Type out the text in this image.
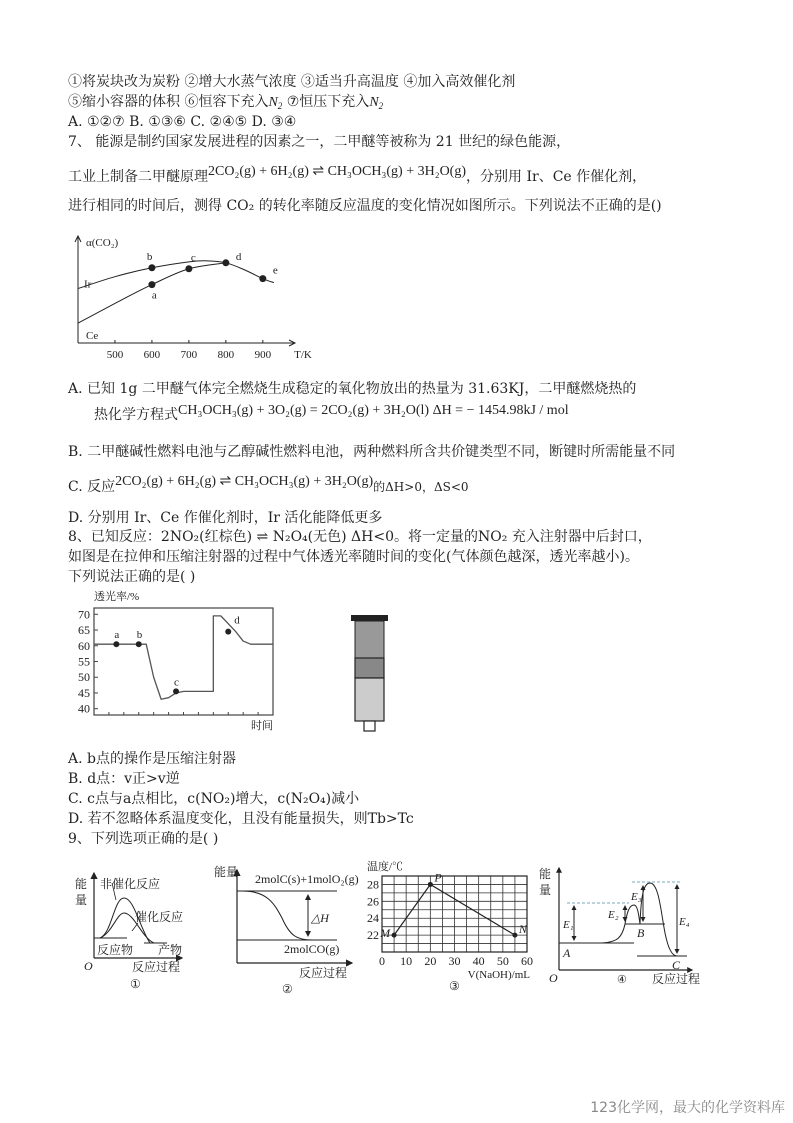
①将炭块改为炭粉 ②增大水蒸气浓度 ③适当升高温度 ④加入高效催化剂
⑤缩小容器的体积 ⑥恒容下充入$N_2$ ⑦恒压下充入$N_2$
A. ①②⑦ B. ①③⑥ C. ②④⑤ D. ③④
7、 能源是制约国家发展进程的因素之一，二甲醚等被称为 21 世纪的绿色能源，
工业上制备二甲醚原理2CO₂(g) + 6H₂(g) ⇌ CH₃OCH₃(g) + 3H₂O(g)，分别用 Ir、Ce 作催化剂，
进行相同的时间后，测得 CO₂ 的转化率随反应温度的变化情况如图所示。下列说法不正确的是()
500 600 700 800 900 T/K
α(CO₂)
Ir
Ce
a
b	c	d
e
A. 已知 1g 二甲醚气体完全燃烧生成稳定的氧化物放出的热量为 31.63KJ，二甲醚燃烧热的
热化学方程式CH₃OCH₃(g) + 3O₂(g) = 2CO₂(g) + 3H₂O(l) ΔH = − 1454.98kJ / mol
B. 二甲醚碱性燃料电池与乙醇碱性燃料电池，两种燃料所含共价键类型不同，断键时所需能量不同
C. 反应2CO₂(g) + 6H₂(g) ⇌ CH₃OCH₃(g) + 3H₂O(g)的ΔH>0，ΔS<0
D. 分别用 Ir、Ce 作催化剂时，Ir 活化能降低更多
8、已知反应：2NO₂(红棕色) ⇌ N₂O₄(无色) ΔH<0。将一定量的NO₂ 充入注射器中后封口，
如图是在拉伸和压缩注射器的过程中气体透光率随时间的变化(气体颜色越深，透光率越小)。
下列说法正确的是( )
透光率/%
40
45
50
55
60
65
70
时间
a b
c
d
A. b点的操作是压缩注射器
B. d点：v正>v逆
C. c点与a点相比，c(NO₂)增大，c(N₂O₄)减小
D. 若不忽略体系温度变化，且没有能量损失，则Tb>Tc
9、下列选项正确的是( )
能
量
非催化反应
催化反应
反应物 产物
O	反应过程
①
能量 2molC(s)+1molO₂(g)
△H
2molCO(g)
反应过程
②
温度/℃
0 10 20 30 40 50 60
22
24
26
28
V(NaOH)/mL
M
P
N
③
能
量
E₁
E₂
E₃
E₄
A
B
C
O	④ 反应过程
123化学网，最大的化学资料库
